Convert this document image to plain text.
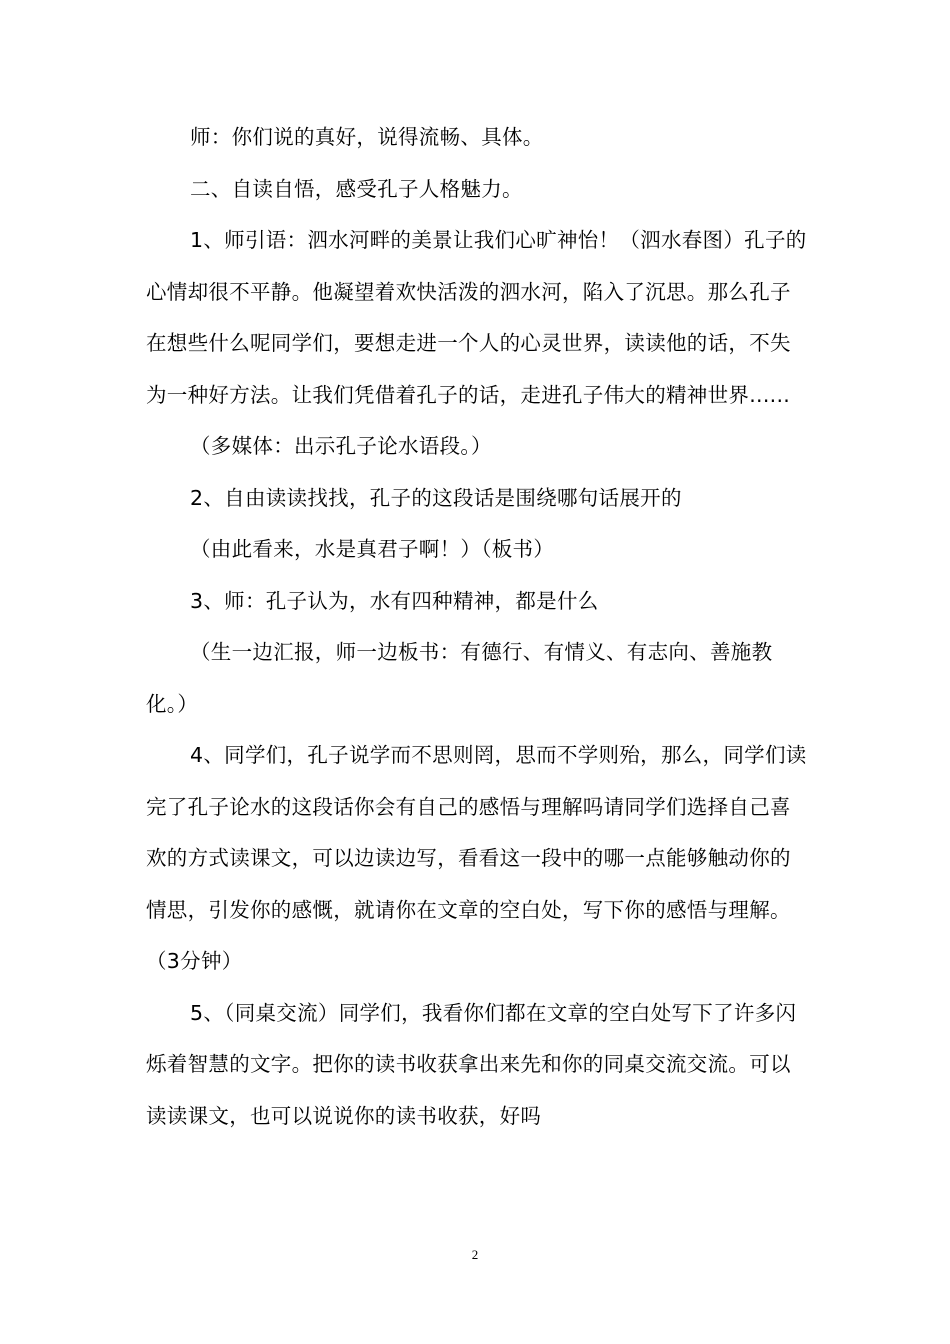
师：你们说的真好，说得流畅、具体。

二、自读自悟，感受孔子人格魅力。

1、师引语：泗水河畔的美景让我们心旷神怡！（泗水春图）孔子的心情却很不平静。他凝望着欢快活泼的泗水河，陷入了沉思。那么孔子在想些什么呢同学们，要想走进一个人的心灵世界，读读他的话，不失为一种好方法。让我们凭借着孔子的话，走进孔子伟大的精神世界......

（多媒体：出示孔子论水语段。）

2、自由读读找找，孔子的这段话是围绕哪句话展开的

（由此看来，水是真君子啊！）（板书）

3、师：孔子认为，水有四种精神，都是什么

（生一边汇报，师一边板书：有德行、有情义、有志向、善施教化。）

4、同学们，孔子说学而不思则罔，思而不学则殆，那么，同学们读完了孔子论水的这段话你会有自己的感悟与理解吗请同学们选择自己喜欢的方式读课文，可以边读边写，看看这一段中的哪一点能够触动你的情思，引发你的感慨，就请你在文章的空白处，写下你的感悟与理解。（3分钟）

5、（同桌交流）同学们，我看你们都在文章的空白处写下了许多闪烁着智慧的文字。把你的读书收获拿出来先和你的同桌交流交流。可以读读课文，也可以说说你的读书收获，好吗

2
